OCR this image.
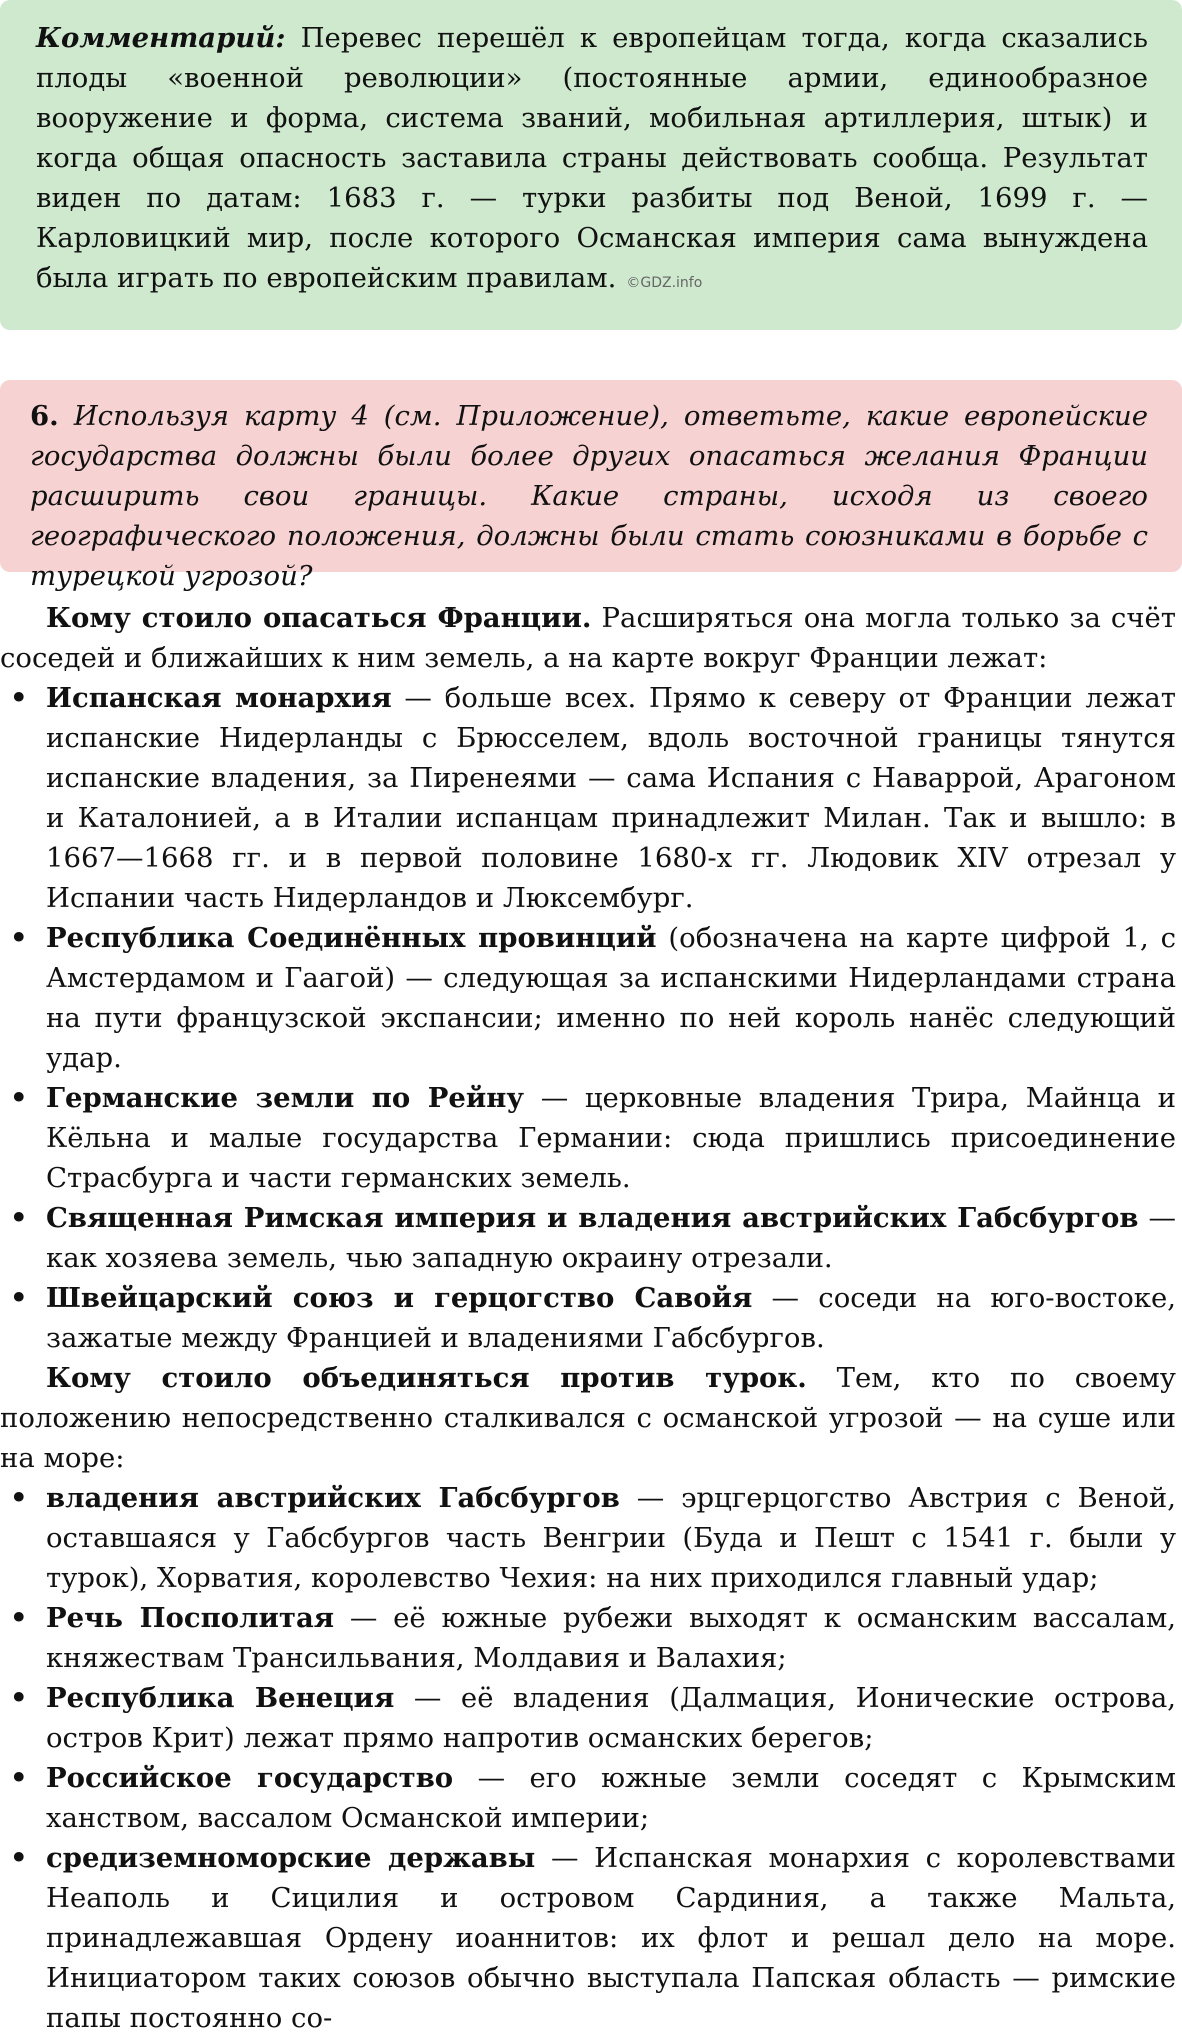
Комментарий: Перевес перешёл к европейцам тогда, когда сказались плоды «военной революции» (постоянные армии, единообразное вооружение и форма, система званий, мобильная артиллерия, штык) и когда общая опасность заставила страны действовать сообща. Результат виден по датам: 1683 г. — турки разбиты под Веной, 1699 г. — Карловицкий мир, после которого Османская империя сама вынуждена была играть по европейским правилам. ©GDZ.info

6. Используя карту 4 (см. Приложение), ответьте, какие европейские государства должны были более других опасаться желания Франции расширить свои границы. Какие страны, исходя из своего географического положения, должны были стать союзниками в борьбе с турецкой угрозой?

Кому стоило опасаться Франции. Расширяться она могла только за счёт соседей и ближайших к ним земель, а на карте вокруг Франции лежат:

• Испанская монархия — больше всех. Прямо к северу от Франции лежат испанские Нидерланды с Брюсселем, вдоль восточной границы тянутся испанские владения, за Пиренеями — сама Испания с Наваррой, Арагоном и Каталонией, а в Италии испанцам принадлежит Милан. Так и вышло: в 1667—1668 гг. и в первой половине 1680-х гг. Людовик XIV отрезал у Испании часть Нидерландов и Люксембург.
• Республика Соединённых провинций (обозначена на карте цифрой 1, с Амстердамом и Гаагой) — следующая за испанскими Нидерландами страна на пути французской экспансии; именно по ней король нанёс следующий удар.
• Германские земли по Рейну — церковные владения Трира, Майнца и Кёльна и малые государства Германии: сюда пришлись присоединение Страсбурга и части германских земель.
• Священная Римская империя и владения австрийских Габсбургов — как хозяева земель, чью западную окраину отрезали.
• Швейцарский союз и герцогство Савойя — соседи на юго-востоке, зажатые между Францией и владениями Габсбургов.

Кому стоило объединяться против турок. Тем, кто по своему положению непосредственно сталкивался с османской угрозой — на суше или на море:

• владения австрийских Габсбургов — эрцгерцогство Австрия с Веной, оставшаяся у Габсбургов часть Венгрии (Буда и Пешт с 1541 г. были у турок), Хорватия, королевство Чехия: на них приходился главный удар;
• Речь Посполитая — её южные рубежи выходят к османским вассалам, княжествам Трансильвания, Молдавия и Валахия;
• Республика Венеция — её владения (Далмация, Ионические острова, остров Крит) лежат прямо напротив османских берегов;
• Российское государство — его южные земли соседят с Крымским ханством, вассалом Османской империи;
• средиземноморские державы — Испанская монархия с королевствами Неаполь и Сицилия и островом Сардиния, а также Мальта, принадлежавшая Ордену иоаннитов: их флот и решал дело на море. Инициатором таких союзов обычно выступала Папская область — римские папы постоянно со-
